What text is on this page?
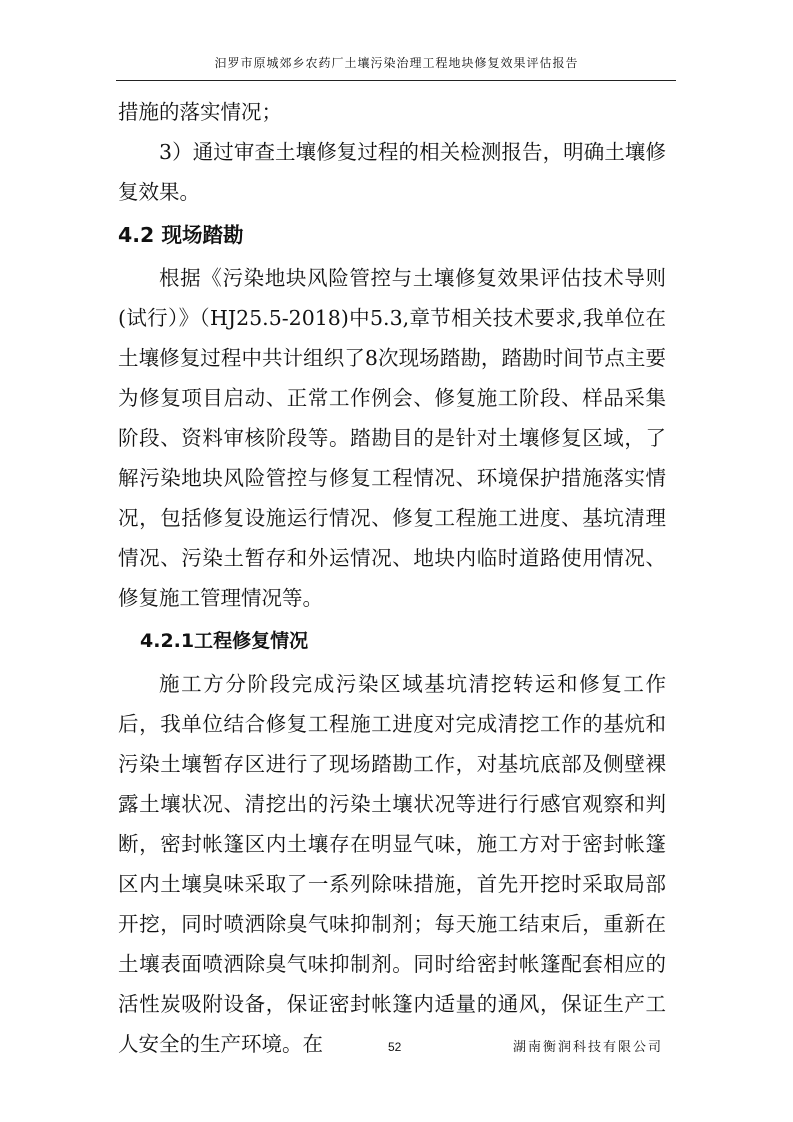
汩罗市原城郊乡农药厂土壤污染治理工程地块修复效果评估报告

措施的落实情况；

3）通过审查土壤修复过程的相关检测报告，明确土壤修复效果。

4.2 现场踏勘

根据《污染地块风险管控与土壤修复效果评估技术导则(试行）》（HJ25.5-2018)中5.3,章节相关技术要求,我单位在土壤修复过程中共计组织了8次现场踏勘，踏勘时间节点主要为修复项目启动、正常工作例会、修复施工阶段、样品采集阶段、资料审核阶段等。踏勘目的是针对土壤修复区域，了解污染地块风险管控与修复工程情况、环境保护措施落实情况，包括修复设施运行情况、修复工程施工进度、基坑清理情况、污染土暂存和外运情况、地块内临时道路使用情况、修复施工管理情况等。

4.2.1工程修复情况

施工方分阶段完成污染区域基坑清挖转运和修复工作后，我单位结合修复工程施工进度对完成清挖工作的基炕和污染土壤暂存区进行了现场踏勘工作，对基坑底部及侧壁裸露土壤状况、清挖出的污染土壤状况等进行行感官观察和判断，密封帐篷区内土壤存在明显气味，施工方对于密封帐篷区内土壤臭味采取了一系列除味措施，首先开挖时采取局部开挖，同时喷洒除臭气味抑制剂；每天施工结束后，重新在土壤表面喷洒除臭气味抑制剂。同时给密封帐篷配套相应的活性炭吸附设备，保证密封帐篷内适量的通风，保证生产工人安全的生产环境。在	52	湖南衡润科技有限公司
